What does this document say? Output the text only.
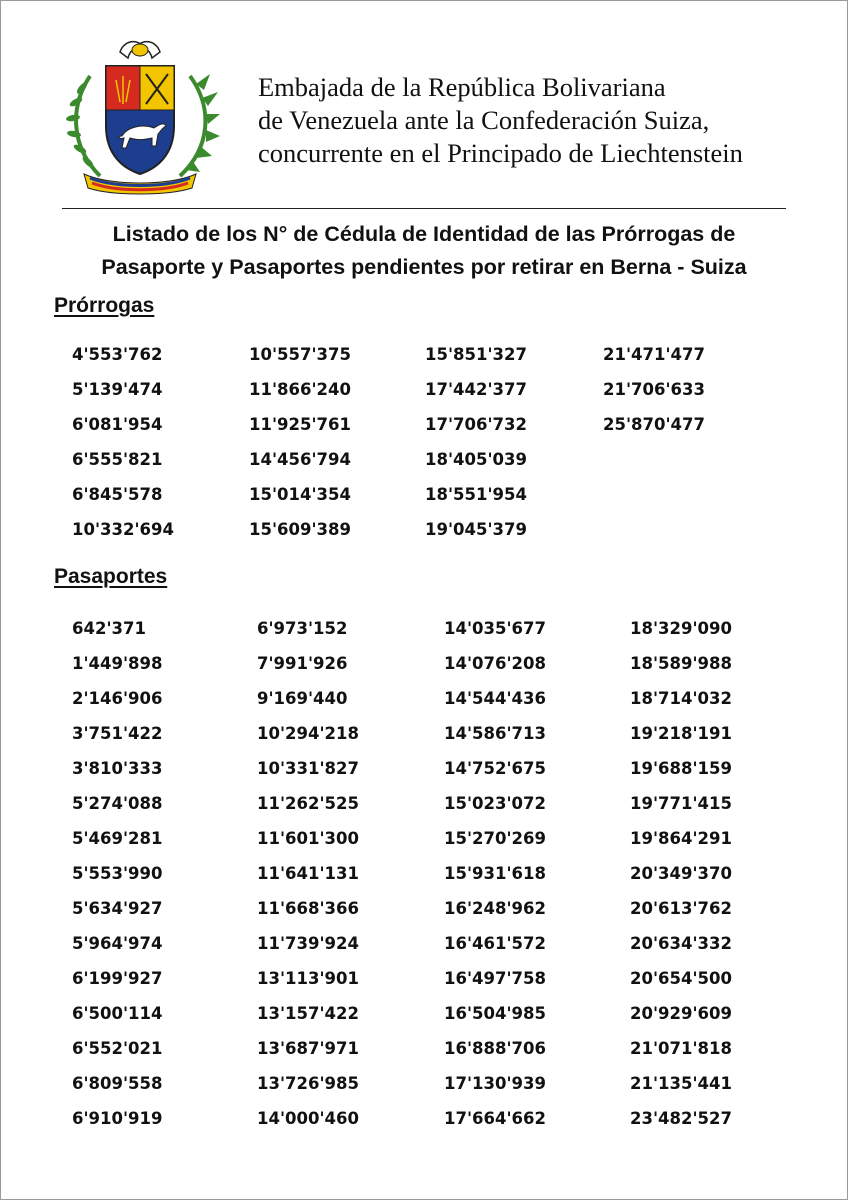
Embajada de la República Bolivariana
de Venezuela ante la Confederación Suiza,
concurrente en el Principado de Liechtenstein
Listado de los N° de Cédula de Identidad de las Prórrogas de
Pasaporte y Pasaportes pendientes por retirar en Berna - Suiza
Prórrogas
4'553'762
5'139'474
6'081'954
6'555'821
6'845'578
10'332'694
10'557'375
11'866'240
11'925'761
14'456'794
15'014'354
15'609'389
15'851'327
17'442'377
17'706'732
18'405'039
18'551'954
19'045'379
21'471'477
21'706'633
25'870'477
Pasaportes
642'371
1'449'898
2'146'906
3'751'422
3'810'333
5'274'088
5'469'281
5'553'990
5'634'927
5'964'974
6'199'927
6'500'114
6'552'021
6'809'558
6'910'919
6'973'152
7'991'926
9'169'440
10'294'218
10'331'827
11'262'525
11'601'300
11'641'131
11'668'366
11'739'924
13'113'901
13'157'422
13'687'971
13'726'985
14'000'460
14'035'677
14'076'208
14'544'436
14'586'713
14'752'675
15'023'072
15'270'269
15'931'618
16'248'962
16'461'572
16'497'758
16'504'985
16'888'706
17'130'939
17'664'662
18'329'090
18'589'988
18'714'032
19'218'191
19'688'159
19'771'415
19'864'291
20'349'370
20'613'762
20'634'332
20'654'500
20'929'609
21'071'818
21'135'441
23'482'527
